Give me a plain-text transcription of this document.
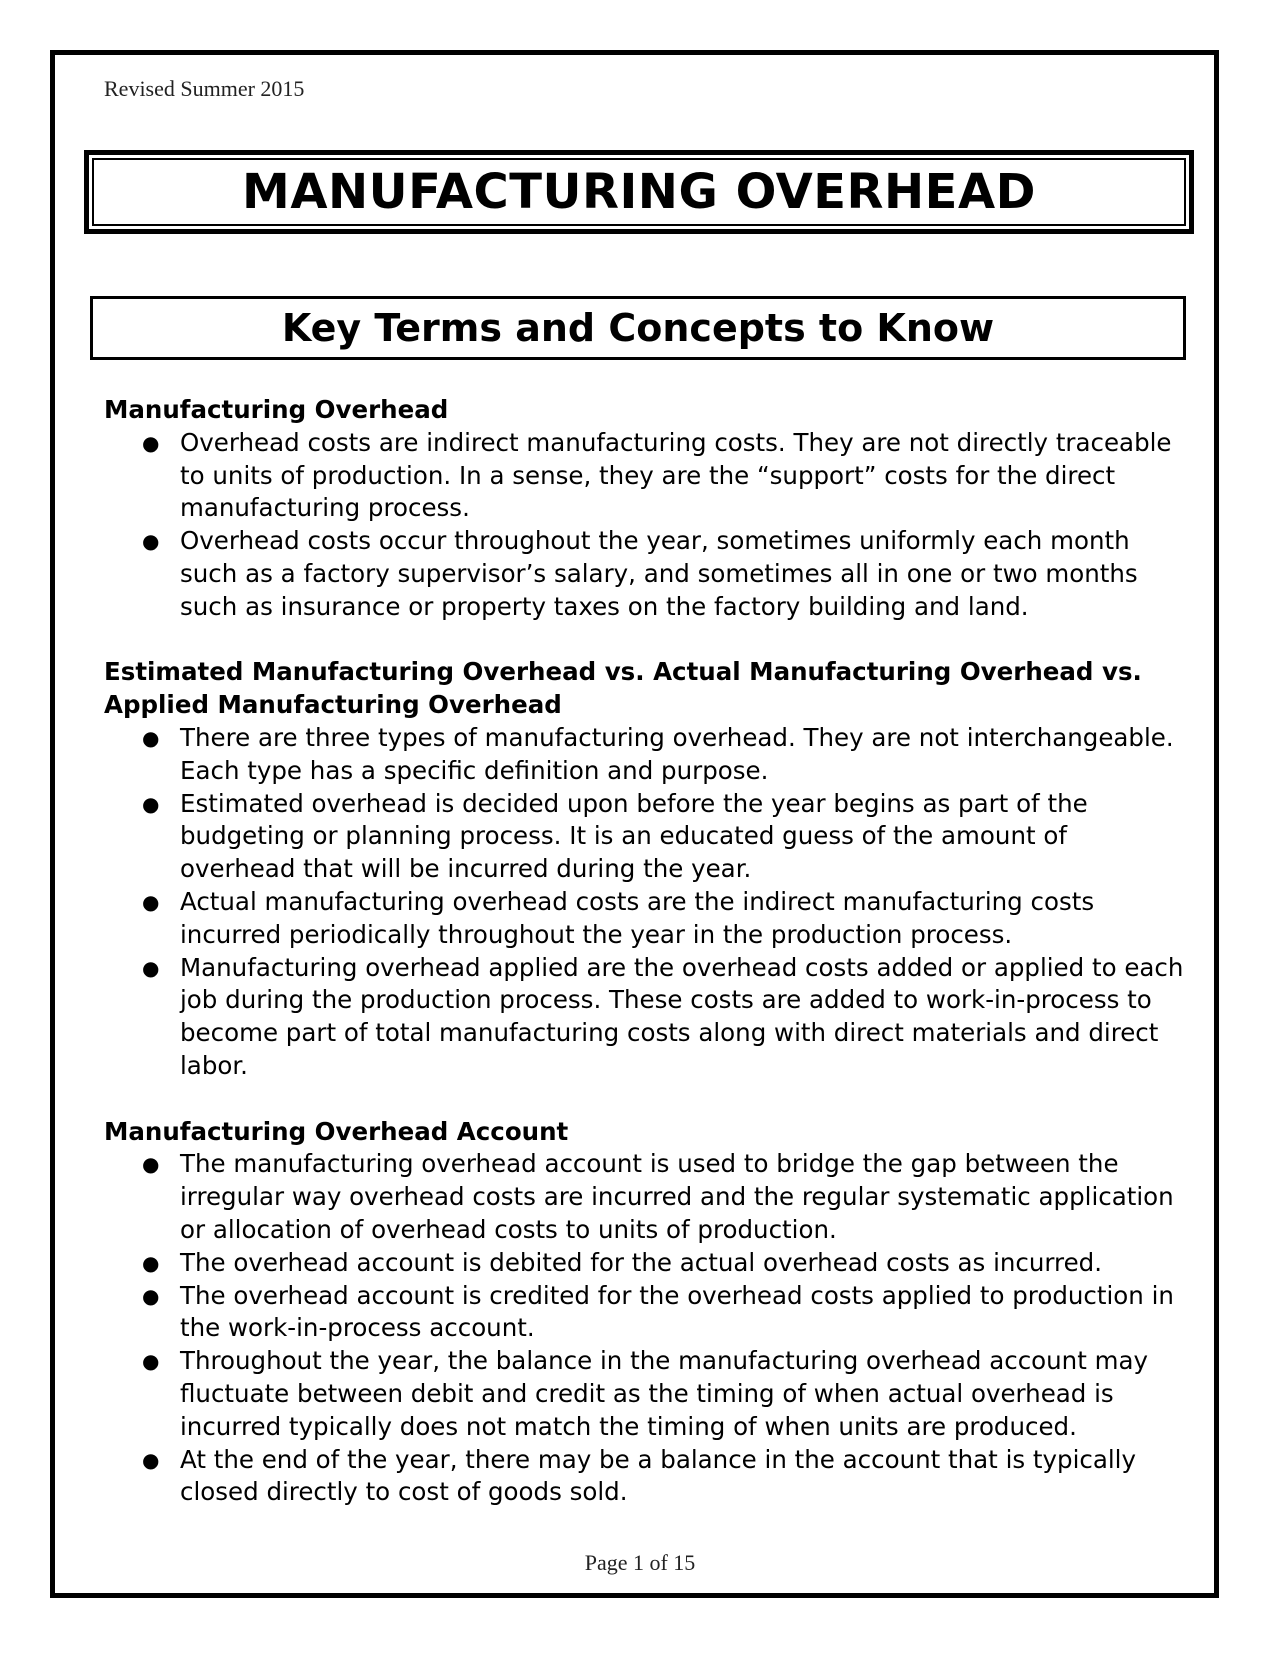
Revised Summer 2015
MANUFACTURING OVERHEAD
Key Terms and Concepts to Know
Manufacturing Overhead
● Overhead costs are indirect manufacturing costs. They are not directly traceable to units of production. In a sense, they are the “support” costs for the direct manufacturing process.
● Overhead costs occur throughout the year, sometimes uniformly each month such as a factory supervisor’s salary, and sometimes all in one or two months such as insurance or property taxes on the factory building and land.
Estimated Manufacturing Overhead vs. Actual Manufacturing Overhead vs. Applied Manufacturing Overhead
● There are three types of manufacturing overhead. They are not interchangeable. Each type has a specific definition and purpose.
● Estimated overhead is decided upon before the year begins as part of the budgeting or planning process. It is an educated guess of the amount of overhead that will be incurred during the year.
● Actual manufacturing overhead costs are the indirect manufacturing costs incurred periodically throughout the year in the production process.
● Manufacturing overhead applied are the overhead costs added or applied to each job during the production process. These costs are added to work-in-process to become part of total manufacturing costs along with direct materials and direct labor.
Manufacturing Overhead Account
● The manufacturing overhead account is used to bridge the gap between the irregular way overhead costs are incurred and the regular systematic application or allocation of overhead costs to units of production.
● The overhead account is debited for the actual overhead costs as incurred.
● The overhead account is credited for the overhead costs applied to production in the work-in-process account.
● Throughout the year, the balance in the manufacturing overhead account may fluctuate between debit and credit as the timing of when actual overhead is incurred typically does not match the timing of when units are produced.
● At the end of the year, there may be a balance in the account that is typically closed directly to cost of goods sold.
Page 1 of 15
